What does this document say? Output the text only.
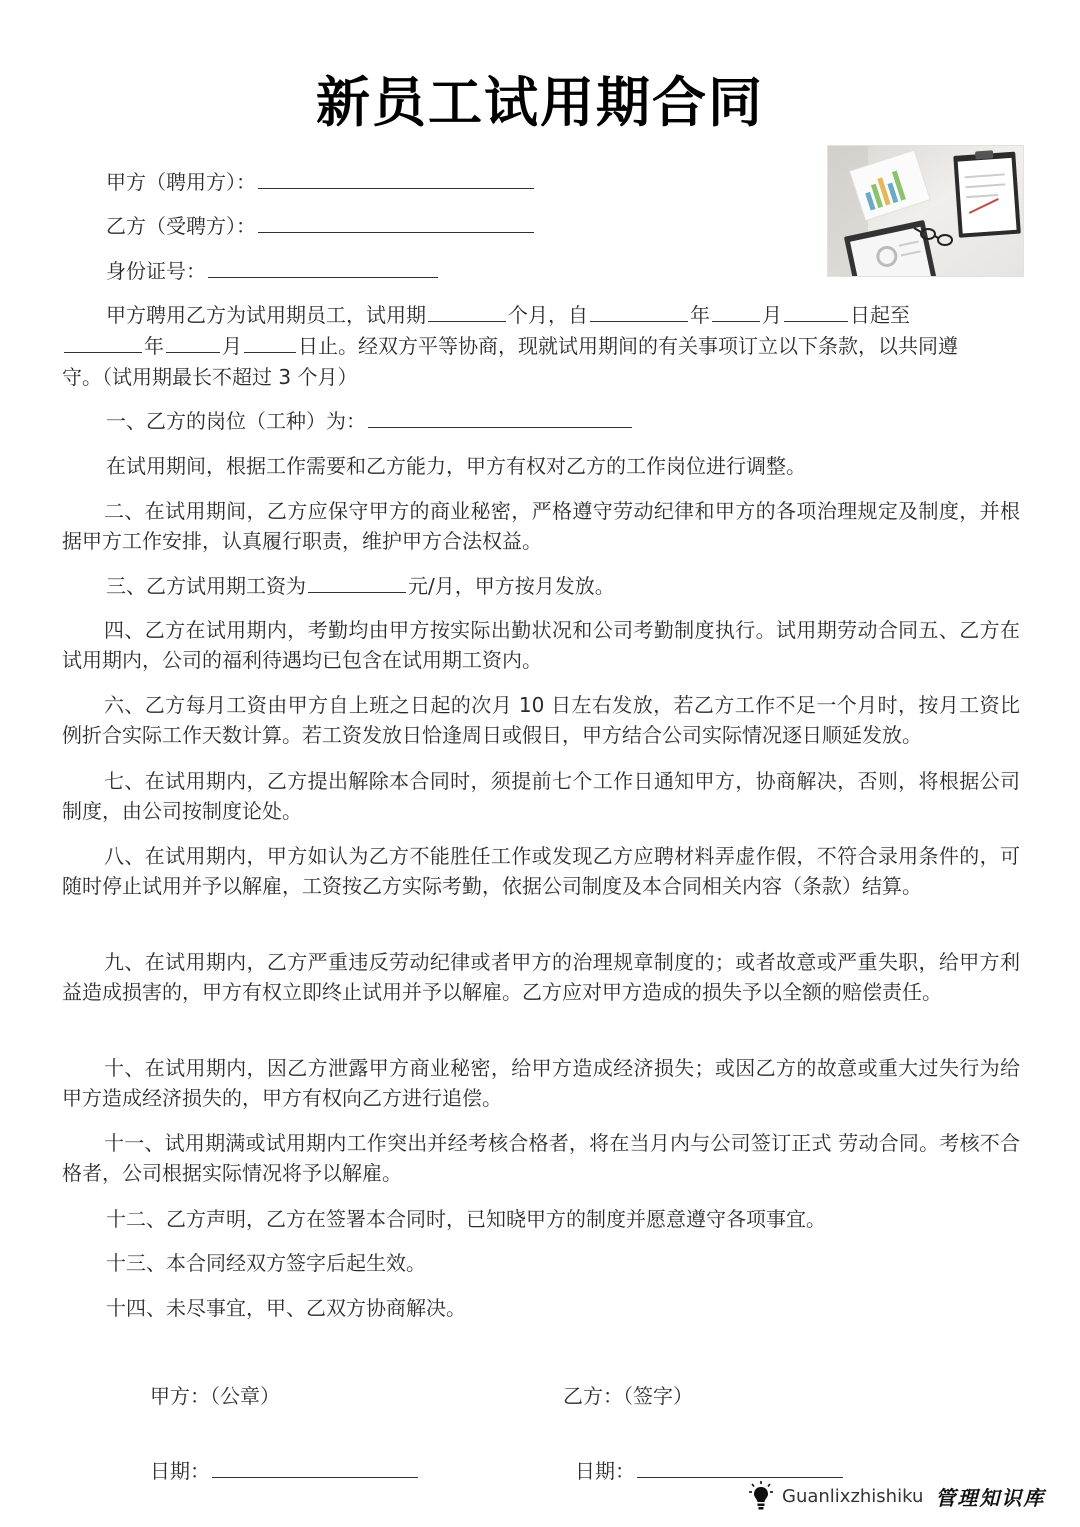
新员工试用期合同
甲方（聘用方）：
乙方（受聘方）：
身份证号：
甲方聘用乙方为试用期员工，试用期	个月，自	年	月	日起至
年	月	日止。经双方平等协商，现就试用期间的有关事项订立以下条款，以共同遵
守。（试用期最长不超过 3 个月）
一、乙方的岗位（工种）为：
在试用期间，根据工作需要和乙方能力，甲方有权对乙方的工作岗位进行调整。
二、在试用期间，乙方应保守甲方的商业秘密，严格遵守劳动纪律和甲方的各项治理规定及制度，并根据甲方工作安排，认真履行职责，维护甲方合法权益。
三、乙方试用期工资为	元/月，甲方按月发放。
四、乙方在试用期内，考勤均由甲方按实际出勤状况和公司考勤制度执行。试用期劳动合同五、乙方在试用期内，公司的福利待遇均已包含在试用期工资内。
六、乙方每月工资由甲方自上班之日起的次月 10 日左右发放，若乙方工作不足一个月时，按月工资比例折合实际工作天数计算。若工资发放日恰逢周日或假日，甲方结合公司实际情况逐日顺延发放。
七、在试用期内，乙方提出解除本合同时，须提前七个工作日通知甲方，协商解决，否则，将根据公司制度，由公司按制度论处。
八、在试用期内，甲方如认为乙方不能胜任工作或发现乙方应聘材料弄虚作假，不符合录用条件的，可随时停止试用并予以解雇，工资按乙方实际考勤，依据公司制度及本合同相关内容（条款）结算。
九、在试用期内，乙方严重违反劳动纪律或者甲方的治理规章制度的；或者故意或严重失职，给甲方利益造成损害的，甲方有权立即终止试用并予以解雇。乙方应对甲方造成的损失予以全额的赔偿责任。
十、在试用期内，因乙方泄露甲方商业秘密，给甲方造成经济损失；或因乙方的故意或重大过失行为给甲方造成经济损失的，甲方有权向乙方进行追偿。
十一、试用期满或试用期内工作突出并经考核合格者，将在当月内与公司签订正式 劳动合同。考核不合格者，公司根据实际情况将予以解雇。
十二、乙方声明，乙方在签署本合同时，已知晓甲方的制度并愿意遵守各项事宜。
十三、本合同经双方签字后起生效。
十四、未尽事宜，甲、乙双方协商解决。
甲方：（公章）	乙方：（签字）
日期：	日期：
Guanlixzhishiku 管理知识库
